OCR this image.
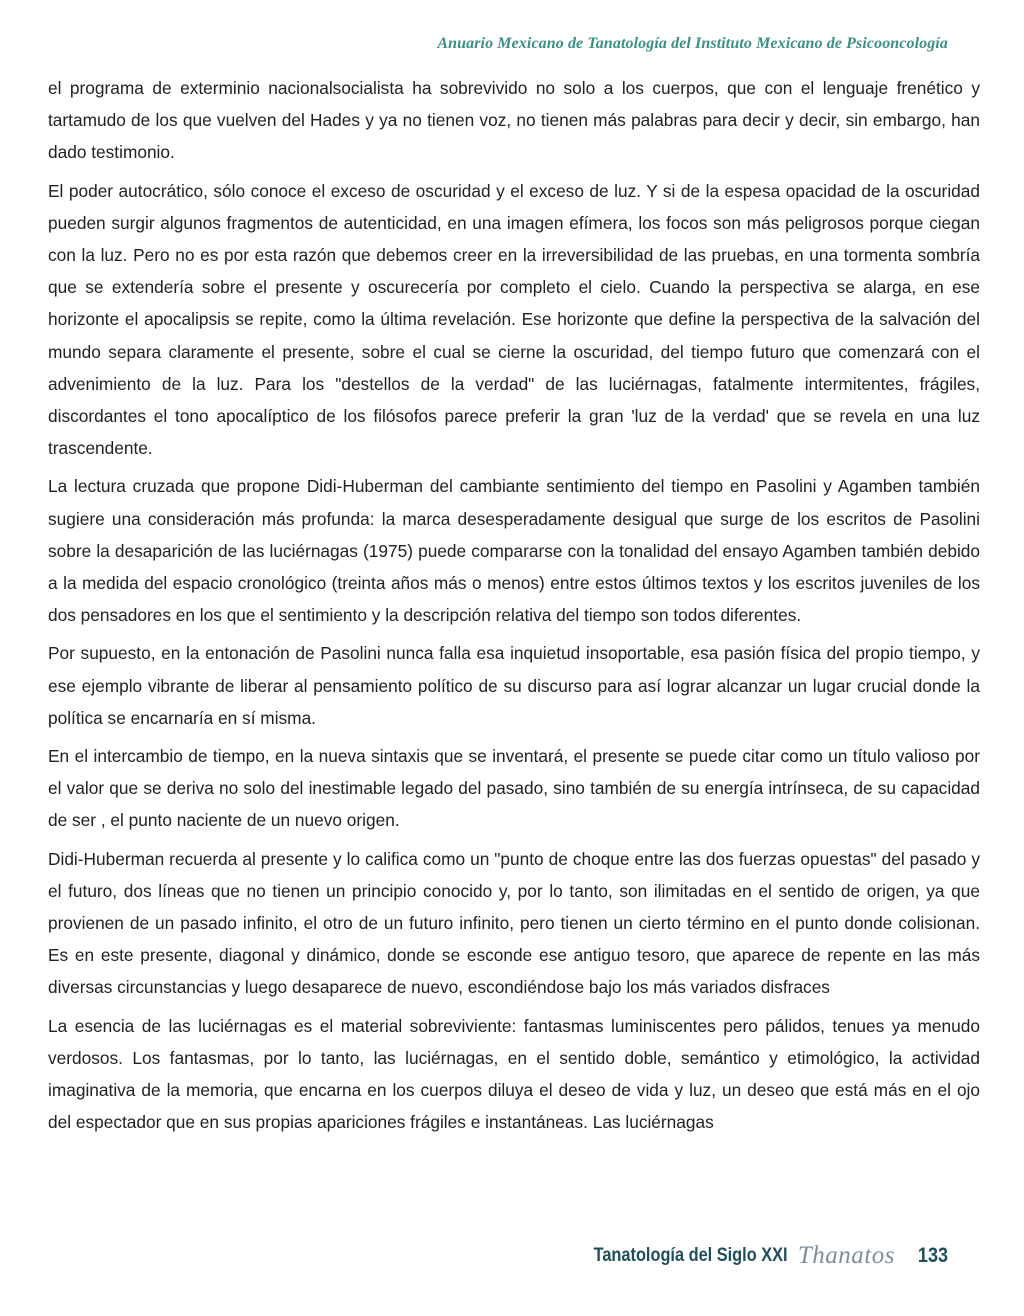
Anuario Mexicano de Tanatología del Instituto Mexicano de Psicooncología

el programa de exterminio nacionalsocialista ha sobrevivido no solo a los cuerpos, que con el lenguaje frenético y tartamudo de los que vuelven del Hades y ya no tienen voz, no tienen más palabras para decir y decir, sin embargo, han dado testimonio.

El poder autocrático, sólo conoce el exceso de oscuridad y el exceso de luz. Y si de la espesa opacidad de la oscuridad pueden surgir algunos fragmentos de autenticidad, en una imagen efímera, los focos son más peligrosos porque ciegan con la luz. Pero no es por esta razón que debemos creer en la irreversibilidad de las pruebas, en una tormenta sombría que se extendería sobre el presente y oscurecería por completo el cielo. Cuando la perspectiva se alarga, en ese horizonte el apocalipsis se repite, como la última revelación. Ese horizonte que define la perspectiva de la salvación del mundo separa claramente el presente, sobre el cual se cierne la oscuridad, del tiempo futuro que comenzará con el advenimiento de la luz. Para los "destellos de la verdad" de las luciérnagas, fatalmente intermitentes, frágiles, discordantes el tono apocalíptico de los filósofos parece preferir la gran 'luz de la verdad' que se revela en una luz trascendente.

La lectura cruzada que propone Didi-Huberman del cambiante sentimiento del tiempo en Pasolini y Agamben también sugiere una consideración más profunda: la marca desesperadamente desigual que surge de los escritos de Pasolini sobre la desaparición de las luciérnagas (1975) puede compararse con la tonalidad del ensayo Agamben también debido a la medida del espacio cronológico (treinta años más o menos) entre estos últimos textos y los escritos juveniles de los dos pensadores en los que el sentimiento y la descripción relativa del tiempo son todos diferentes.

Por supuesto, en la entonación de Pasolini nunca falla esa inquietud insoportable, esa pasión física del propio tiempo, y ese ejemplo vibrante de liberar al pensamiento político de su discurso para así lograr alcanzar un lugar crucial donde la política se encarnaría en sí misma.

En el intercambio de tiempo, en la nueva sintaxis que se inventará, el presente se puede citar como un título valioso por el valor que se deriva no solo del inestimable legado del pasado, sino también de su energía intrínseca, de su capacidad de ser , el punto naciente de un nuevo origen.

Didi-Huberman recuerda al presente y lo califica como un "punto de choque entre las dos fuerzas opuestas" del pasado y el futuro, dos líneas que no tienen un principio conocido y, por lo tanto, son ilimitadas en el sentido de origen, ya que provienen de un pasado infinito, el otro de un futuro infinito, pero tienen un cierto término en el punto donde colisionan. Es en este presente, diagonal y dinámico, donde se esconde ese antiguo tesoro, que aparece de repente en las más diversas circunstancias y luego desaparece de nuevo, escondiéndose bajo los más variados disfraces

La esencia de las luciérnagas es el material sobreviviente: fantasmas luminiscentes pero pálidos, tenues ya menudo verdosos. Los fantasmas, por lo tanto, las luciérnagas, en el sentido doble, semántico y etimológico, la actividad imaginativa de la memoria, que encarna en los cuerpos diluya el deseo de vida y luz, un deseo que está más en el ojo del espectador que en sus propias apariciones frágiles e instantáneas. Las luciérnagas

Tanatología del Siglo XXI Thanatos 133
